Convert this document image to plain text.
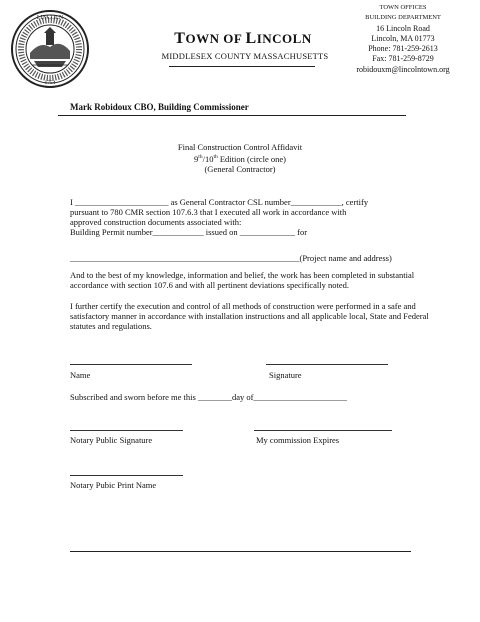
LINCOLN
1754
TOWN OF LINCOLN
MIDDLESEX COUNTY MASSACHUSETTS
TOWN OFFICES
BUILDING DEPARTMENT
16 Lincoln Road
Lincoln, MA 01773
Phone: 781-259-2613
Fax: 781-259-8729
robidouxm@lincolntown.org
Mark Robidoux CBO, Building Commissioner
Final Construction Control Affidavit
9th/10th Edition (circle one)
(General Contractor)
I ______________________ as General Contractor CSL number____________, certify
pursuant to 780 CMR section 107.6.3 that I executed all work in accordance with
approved construction documents associated with:
Building Permit number____________ issued on _____________ for
______________________________________________________(Project name and address)
And to the best of my knowledge, information and belief, the work has been completed in substantial accordance with section 107.6 and with all pertinent deviations specifically noted.
I further certify the execution and control of all methods of construction were performed in a safe and satisfactory manner in accordance with installation instructions and all applicable local, State and Federal statutes and regulations.
Name	Signature
Subscribed and sworn before me this ________day of______________________
Notary Public Signature	My commission Expires
Notary Pubic Print Name
